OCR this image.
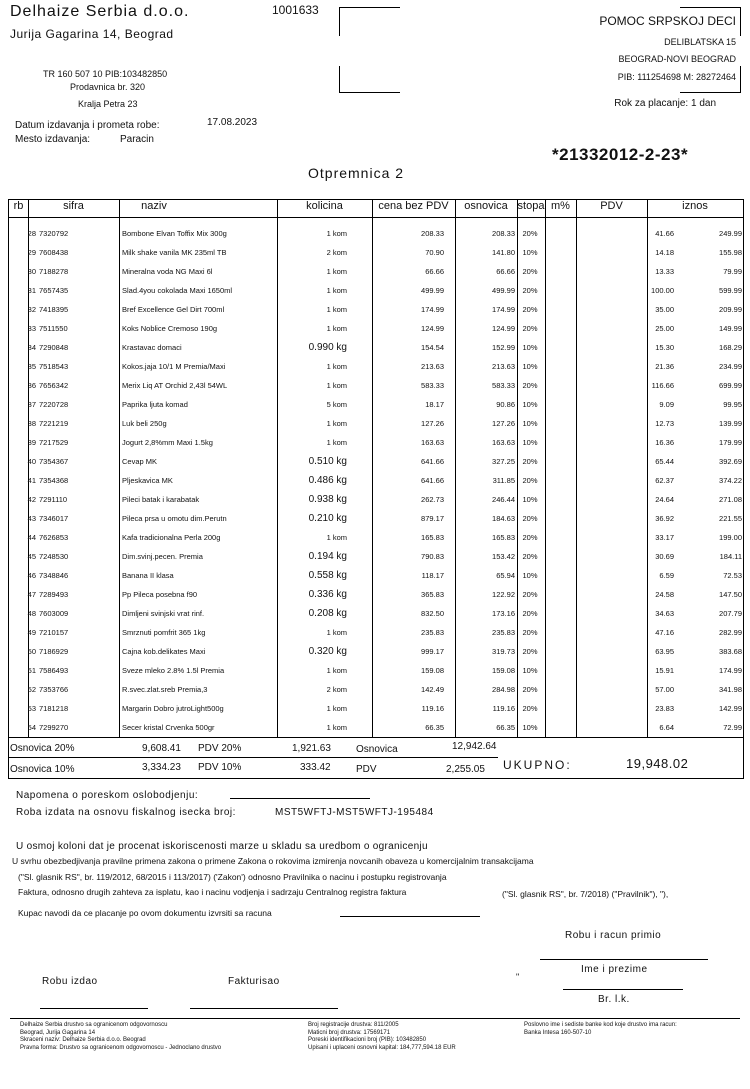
Delhaize Serbia d.o.o.
Jurija Gagarina 14, Beograd
TR 160 507 10 PIB:103482850
Prodavnica br. 320
Kralja Petra 23
Datum izdavanja i prometa robe:	17.08.2023
Mesto izdavanja:	Paracin
1001633
POMOC SRPSKOJ DECI
DELIBLATSKA 15
BEOGRAD-NOVI BEOGRAD
PIB: 111254698 M: 28272464
Rok za placanje: 1 dan
*21332012-2-23*
Otpremnica 2
rb	sifra	naziv	kolicina	cena bez PDV	osnovica stopa m%	PDV	iznos
28 7320792	Bombone Elvan Toffix Mix 300g	1 kom	208.33	208.33 20%	41.66	249.99
29 7608438	Milk shake vanila MK 235ml TB	2 kom	70.90	141.80 10%	14.18	155.98
30 7188278	Mineralna voda NG Maxi 6l	1 kom	66.66	66.66 20%	13.33	79.99
31 7657435	Slad.4you cokolada Maxi 1650ml	1 kom	499.99	499.99 20%	100.00	599.99
32 7418395	Bref Excellence Gel Dirt 700ml	1 kom	174.99	174.99 20%	35.00	209.99
33 7511550	Koks Noblice Cremoso 190g	1 kom	124.99	124.99 20%	25.00	149.99
34 7290848	Krastavac domaci	0.990 kg	154.54	152.99 10%	15.30	168.29
35 7518543	Kokos.jaja 10/1 M Premia/Maxi	1 kom	213.63	213.63 10%	21.36	234.99
36 7656342	Merix Liq AT Orchid 2,43l 54WL	1 kom	583.33	583.33 20%	116.66	699.99
37 7220728	Paprika ljuta komad	5 kom	18.17	90.86 10%	9.09	99.95
38 7221219	Luk beli 250g	1 kom	127.26	127.26 10%	12.73	139.99
39 7217529	Jogurt 2,8%mm Maxi 1.5kg	1 kom	163.63	163.63 10%	16.36	179.99
40 7354367	Cevap MK	0.510 kg	641.66	327.25 20%	65.44	392.69
41 7354368	Pljeskavica MK	0.486 kg	641.66	311.85 20%	62.37	374.22
42 7291110	Pileci batak i karabatak	0.938 kg	262.73	246.44 10%	24.64	271.08
43 7346017	Pileca prsa u omotu dim.Perutn	0.210 kg	879.17	184.63 20%	36.92	221.55
44 7626853	Kafa tradicionalna Perla 200g	1 kom	165.83	165.83 20%	33.17	199.00
45 7248530	Dim.svinj.pecen. Premia	0.194 kg	790.83	153.42 20%	30.69	184.11
46 7348846	Banana II klasa	0.558 kg	118.17	65.94 10%	6.59	72.53
47 7289493	Pp Pileca posebna f90	0.336 kg	365.83	122.92 20%	24.58	147.50
48 7603009	Dimljeni svinjski vrat rinf.	0.208 kg	832.50	173.16 20%	34.63	207.79
49 7210157	Smrznuti pomfrit 365 1kg	1 kom	235.83	235.83 20%	47.16	282.99
50 7186929	Cajna kob.delikates Maxi	0.320 kg	999.17	319.73 20%	63.95	383.68
51 7586493	Sveze mleko 2.8% 1.5l Premia	1 kom	159.08	159.08 10%	15.91	174.99
52 7353766	R.svec.zlat.sreb Premia,3	2 kom	142.49	284.98 20%	57.00	341.98
53 7181218	Margarin Dobro jutroLight500g	1 kom	119.16	119.16 20%	23.83	142.99
54 7299270	Secer kristal Crvenka 500gr	1 kom	66.35	66.35 10%	6.64	72.99
Osnovica 20%	9,608.41 PDV 20%	1,921.63	Osnovica	12,942.64
Osnovica 10%	3,334.23 PDV 10%	333.42	PDV	2,255.05 UKUPNO:	19,948.02
Napomena o poreskom oslobodjenju:
Roba izdata na osnovu fiskalnog isecka broj:	MST5WFTJ-MST5WFTJ-195484
U osmoj koloni dat je procenat iskoriscenosti marze u skladu sa uredbom o ogranicenju
U svrhu obezbedjivanja pravilne primena zakona o primene Zakona o rokovima izmirenja novcanih obaveza u komercijalnim transakcijama
("Sl. glasnik RS", br. 119/2012, 68/2015 i 113/2017) ('Zakon') odnosno Pravilnika o nacinu i postupku registrovanja
Faktura, odnosno drugih zahteva za isplatu, kao i nacinu vodjenja i sadrzaju Centralnog registra faktura	("Sl. glasnik RS", br. 7/2018) ("Pravilnik"), "),
Kupac navodi da ce placanje po ovom dokumentu izvrsiti sa racuna
Robu i racun primio
Ime i prezime
"
Br. l.k.
Robu izdao	Fakturisao
Delhaize Serbia drustvo sa ogranicenom odgovornoscu
Beograd, Jurija Gagarina 14
Skraceni naziv: Delhaize Serbia d.o.o. Beograd
Pravna forma: Drustvo sa ogranicenom odgovornoscu - Jednoclano drustvo
Broj registracije drustva: 811/2005
Maticni broj drustva: 17569171
Poreski identifikacioni broj (PIB): 103482850
Upisani i uplaceni osnovni kapital: 184,777,594.18 EUR
Poslovno ime i sediste banke kod koje drustvo ima racun:
Banka Intesa 160-507-10
